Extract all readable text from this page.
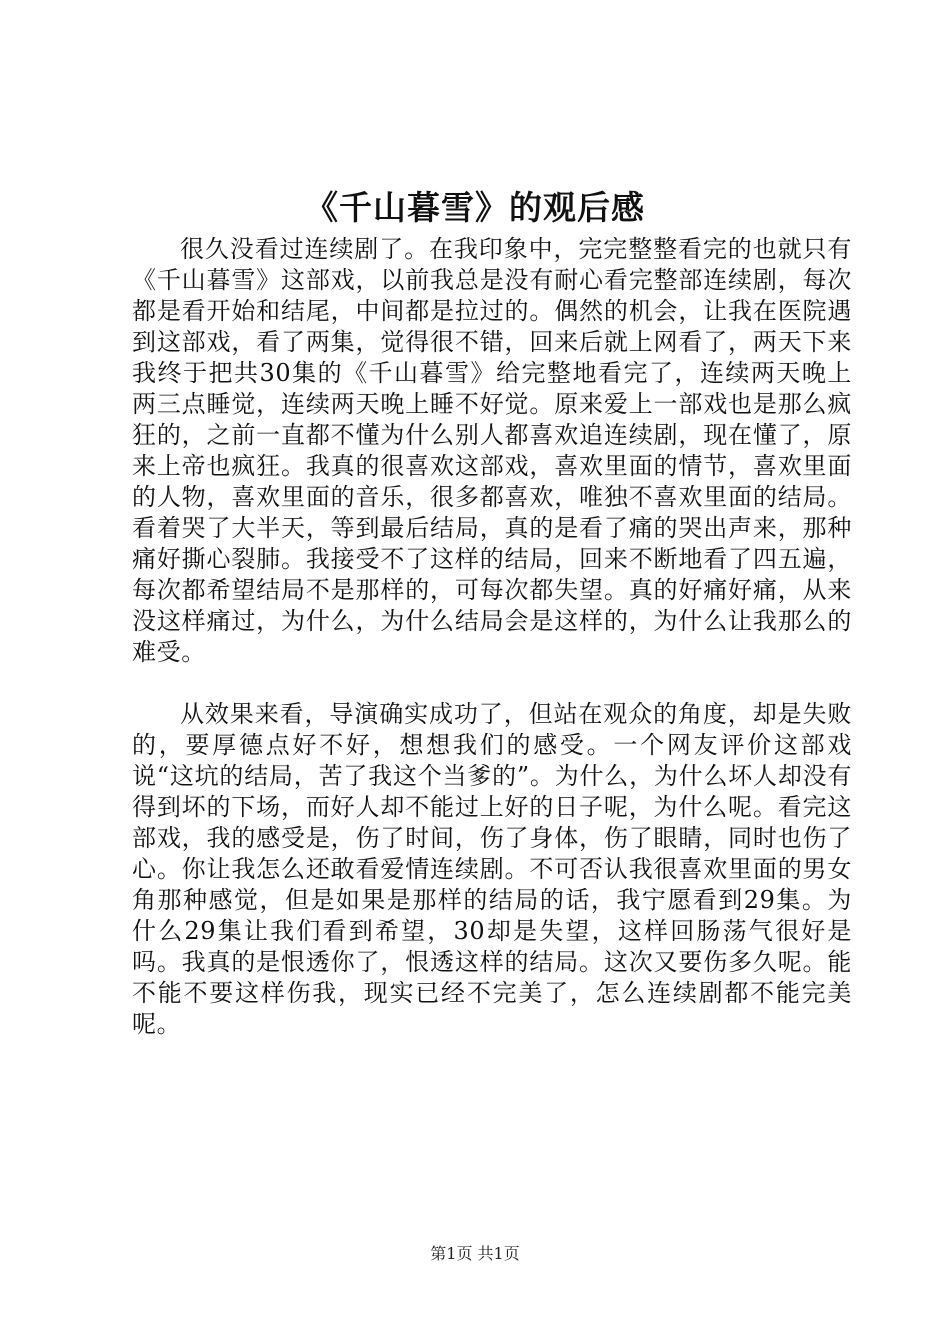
《千山暮雪》的观后感

很久没看过连续剧了。在我印象中，完完整整看完的也就只有《千山暮雪》这部戏，以前我总是没有耐心看完整部连续剧，每次都是看开始和结尾，中间都是拉过的。偶然的机会，让我在医院遇到这部戏，看了两集，觉得很不错，回来后就上网看了，两天下来我终于把共30集的《千山暮雪》给完整地看完了，连续两天晚上两三点睡觉，连续两天晚上睡不好觉。原来爱上一部戏也是那么疯狂的，之前一直都不懂为什么别人都喜欢追连续剧，现在懂了，原来上帝也疯狂。我真的很喜欢这部戏，喜欢里面的情节，喜欢里面的人物，喜欢里面的音乐，很多都喜欢，唯独不喜欢里面的结局。看着哭了大半天，等到最后结局，真的是看了痛的哭出声来，那种痛好撕心裂肺。我接受不了这样的结局，回来不断地看了四五遍，每次都希望结局不是那样的，可每次都失望。真的好痛好痛，从来没这样痛过，为什么，为什么结局会是这样的，为什么让我那么的难受。

从效果来看，导演确实成功了，但站在观众的角度，却是失败的，要厚德点好不好，想想我们的感受。一个网友评价这部戏说“这坑的结局，苦了我这个当爹的”。为什么，为什么坏人却没有得到坏的下场，而好人却不能过上好的日子呢，为什么呢。看完这部戏，我的感受是，伤了时间，伤了身体，伤了眼睛，同时也伤了心。你让我怎么还敢看爱情连续剧。不可否认我很喜欢里面的男女角那种感觉，但是如果是那样的结局的话，我宁愿看到29集。为什么29集让我们看到希望，30却是失望，这样回肠荡气很好是吗。我真的是恨透你了，恨透这样的结局。这次又要伤多久呢。能不能不要这样伤我，现实已经不完美了，怎么连续剧都不能完美呢。

第1页 共1页
